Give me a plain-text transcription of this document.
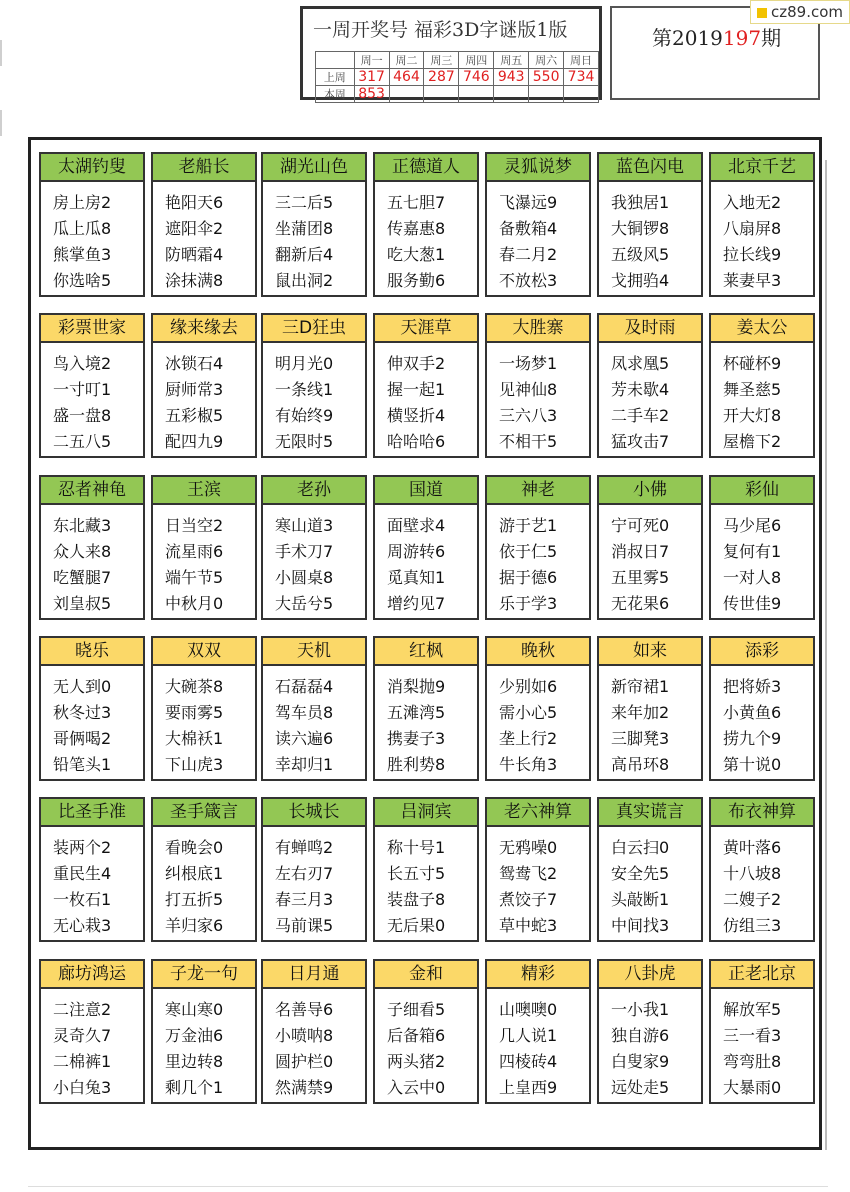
一周开奖号 福彩3D字谜版1版
	周一	周二	周三	周四	周五	周六	周日
上周	317	464	287	746	943	550	734
本周	853						
第2019197期
cz89.com
太湖钓叟
房上房2
瓜上瓜8
熊掌鱼3
你选啥5
老船长
艳阳天6
遮阳伞2
防晒霜4
涂抹满8
湖光山色
三二后5
坐蒲团8
翻新后4
鼠出洞2
正德道人
五七胆7
传嘉惠8
吃大葱1
服务勤6
灵狐说梦
飞瀑远9
备敷箱4
春二月2
不放松3
蓝色闪电
我独居1
大铜锣8
五级风5
戈拥驺4
北京千艺
入地无2
八扇屏8
拉长线9
莱妻早3
彩票世家
鸟入境2
一寸叮1
盛一盘8
二五八5
缘来缘去
冰锁石4
厨师常3
五彩椒5
配四九9
三D狂虫
明月光0
一条线1
有始终9
无限时5
天涯草
伸双手2
握一起1
横竖折4
哈哈哈6
大胜寨
一场梦1
见神仙8
三六八3
不相干5
及时雨
凤求凰5
芳未歇4
二手车2
猛攻击7
姜太公
杯碰杯9
舞圣慈5
开大灯8
屋檐下2
忍者神龟
东北藏3
众人来8
吃蟹腿7
刘皇叔5
王滨
日当空2
流星雨6
端午节5
中秋月0
老孙
寒山道3
手术刀7
小圆桌8
大岳兮5
国道
面壁求4
周游转6
觅真知1
增约见7
神老
游于艺1
依于仁5
据于德6
乐于学3
小佛
宁可死0
消叔日7
五里雾5
无花果6
彩仙
马少尾6
复何有1
一对人8
传世佳9
晓乐
无人到0
秋冬过3
哥俩喝2
铅笔头1
双双
大碗茶8
要雨雾5
大棉袄1
下山虎3
天机
石磊磊4
驾车员8
读六遍6
幸却归1
红枫
消梨抛9
五滩湾5
携妻子3
胜利势8
晚秋
少别如6
需小心5
垄上行2
牛长角3
如来
新帘裙1
来年加2
三脚凳3
高吊环8
添彩
把将娇3
小黄鱼6
捞九个9
第十说0
比圣手准
装两个2
重民生4
一枚石1
无心栽3
圣手箴言
看晚会0
纠根底1
打五折5
羊归家6
长城长
有蝉鸣2
左右刃7
春三月3
马前课5
吕洞宾
称十号1
长五寸5
装盘子8
无后果0
老六神算
无鸦噪0
鸳鸯飞2
煮饺子7
草中蛇3
真实谎言
白云扫0
安全先5
头敲断1
中间找3
布衣神算
黄叶落6
十八坡8
二嫂子2
仿组三3
廊坊鸿运
二注意2
灵奇久7
二棉裤1
小白兔3
子龙一句
寒山寒0
万金油6
里边转8
剩几个1
日月通
名善导6
小喷呐8
圆护栏0
然满禁9
金和
子细看5
后备箱6
两头猪2
入云中0
精彩
山噢噢0
几人说1
四棱砖4
上皇西9
八卦虎
一小我1
独自游6
白叟家9
远处走5
正老北京
解放军5
三一看3
弯弯肚8
大暴雨0
